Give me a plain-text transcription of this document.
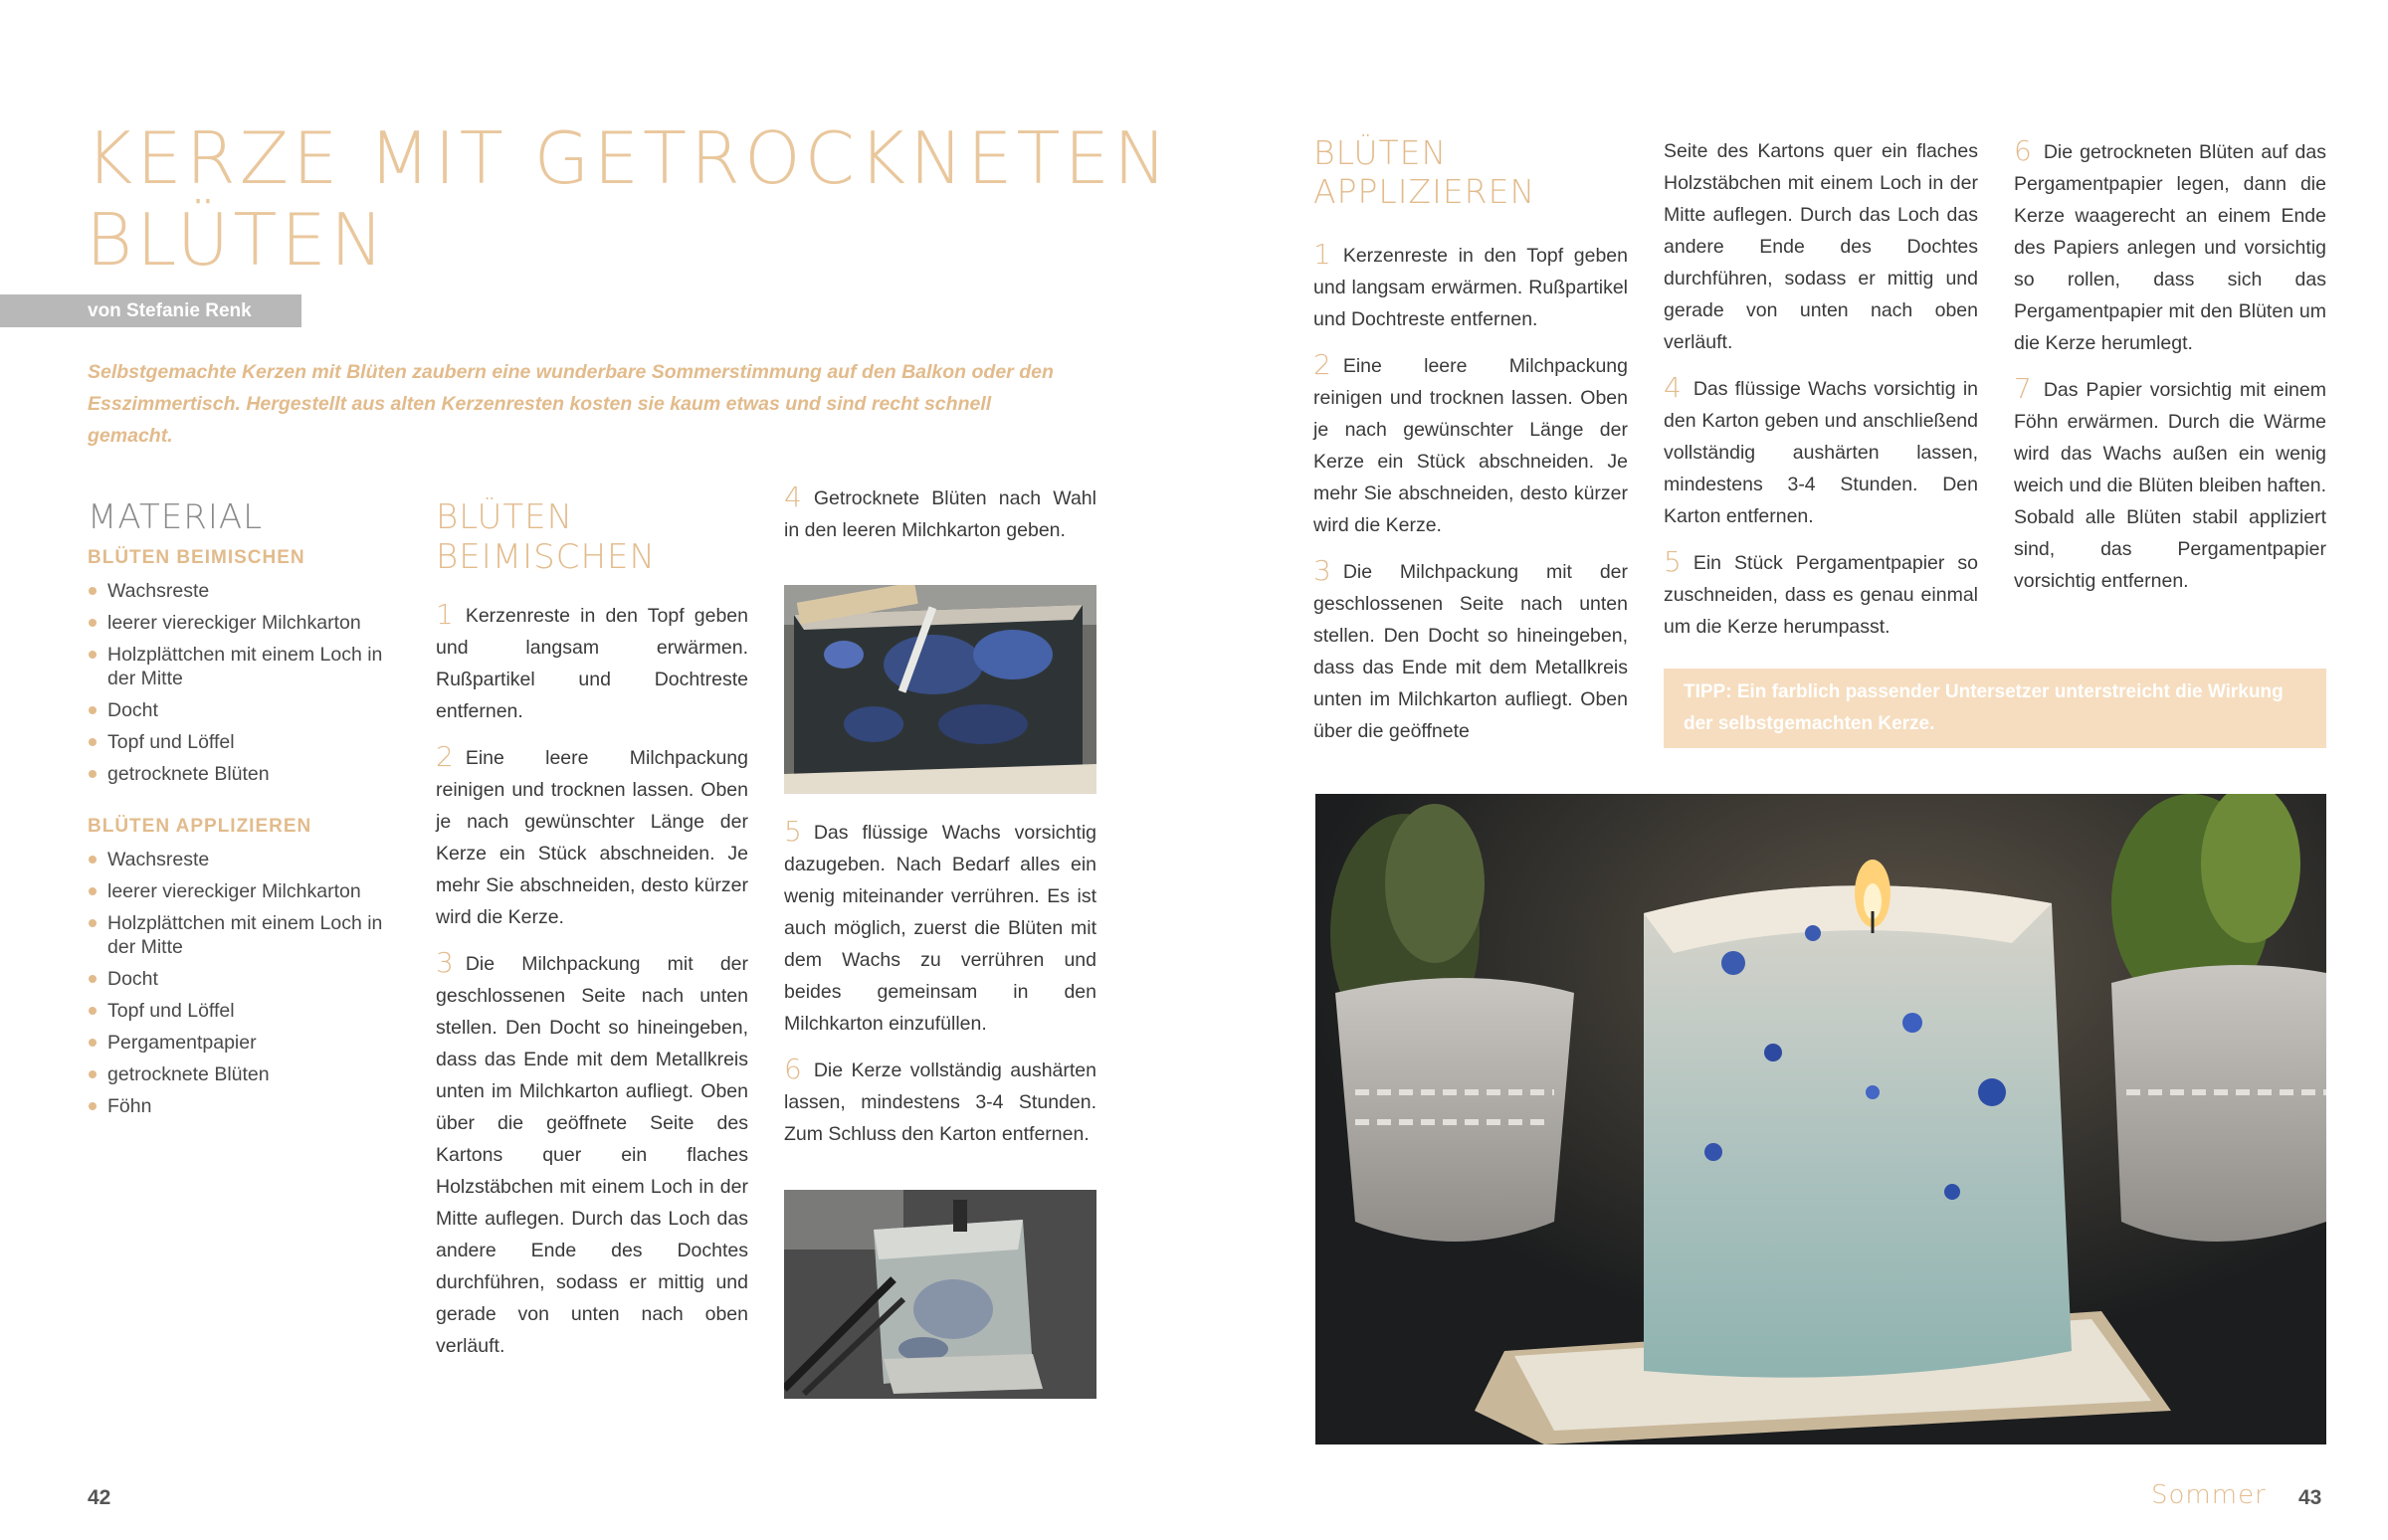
KERZE MIT GETROCKNETEN BLÜTEN
von Stefanie Renk

Selbstgemachte Kerzen mit Blüten zaubern eine wunderbare Sommerstimmung auf den Balkon oder den Esszimmertisch. Hergestellt aus alten Kerzenresten kosten sie kaum etwas und sind recht schnell gemacht.

MATERIAL
BLÜTEN BEIMISCHEN
Wachsreste
leerer viereckiger Milchkarton
Holzplättchen mit einem Loch in der Mitte
Docht
Topf und Löffel
getrocknete Blüten
BLÜTEN APPLIZIEREN
Wachsreste
leerer viereckiger Milchkarton
Holzplättchen mit einem Loch in der Mitte
Docht
Topf und Löffel
Pergamentpapier
getrocknete Blüten
Föhn
BLÜTEN BEIMISCHEN

1 Kerzenreste in den Topf geben und langsam erwärmen. Rußpartikel und Dochtreste entfernen.

2 Eine leere Milchpackung reinigen und trocknen lassen. Oben je nach gewünschter Länge der Kerze ein Stück abschneiden. Je mehr Sie abschneiden, desto kürzer wird die Kerze.

3 Die Milchpackung mit der geschlossenen Seite nach unten stellen. Den Docht so hineingeben, dass das Ende mit dem Metallkreis unten im Milchkarton aufliegt. Oben über die geöffnete Seite des Kartons quer ein flaches Holzstäbchen mit einem Loch in der Mitte auflegen. Durch das Loch das andere Ende des Dochtes durchführen, sodass er mittig und gerade von unten nach oben verläuft.

4 Getrocknete Blüten nach Wahl in den leeren Milchkarton geben.

5 Das flüssige Wachs vorsichtig dazugeben. Nach Bedarf alles ein wenig miteinander verrühren. Es ist auch möglich, zuerst die Blüten mit dem Wachs zu verrühren und beides gemeinsam in den Milchkarton einzufüllen.

6 Die Kerze vollständig aushärten lassen, mindestens 3-4 Stunden. Zum Schluss den Karton entfernen.

42
BLÜTEN APPLIZIEREN

1 Kerzenreste in den Topf geben und langsam erwärmen. Rußpartikel und Dochtreste entfernen.

2 Eine leere Milchpackung reinigen und trocknen lassen. Oben je nach gewünschter Länge der Kerze ein Stück abschneiden. Je mehr Sie abschneiden, desto kürzer wird die Kerze.

3 Die Milchpackung mit der geschlossenen Seite nach unten stellen. Den Docht so hineingeben, dass das Ende mit dem Metallkreis unten im Milchkarton aufliegt. Oben über die geöffnete

Seite des Kartons quer ein flaches Holzstäbchen mit einem Loch in der Mitte auflegen. Durch das Loch das andere Ende des Dochtes durchführen, sodass er mittig und gerade von unten nach oben verläuft.

4 Das flüssige Wachs vorsichtig in den Karton geben und anschließend vollständig aushärten lassen, mindestens 3-4 Stunden. Den Karton entfernen.

5 Ein Stück Pergamentpapier so zuschneiden, dass es genau einmal um die Kerze herumpasst.

6 Die getrockneten Blüten auf das Pergamentpapier legen, dann die Kerze waagerecht an einem Ende des Papiers anlegen und vorsichtig so rollen, dass sich das Pergamentpapier mit den Blüten um die Kerze herumlegt.

7 Das Papier vorsichtig mit einem Föhn erwärmen. Durch die Wärme wird das Wachs außen ein wenig weich und die Blüten bleiben haften. Sobald alle Blüten stabil appliziert sind, das Pergamentpapier vorsichtig entfernen.

TIPP: Ein farblich passender Untersetzer unterstreicht die Wirkung der selbstgemachten Kerze.
Sommer 43
